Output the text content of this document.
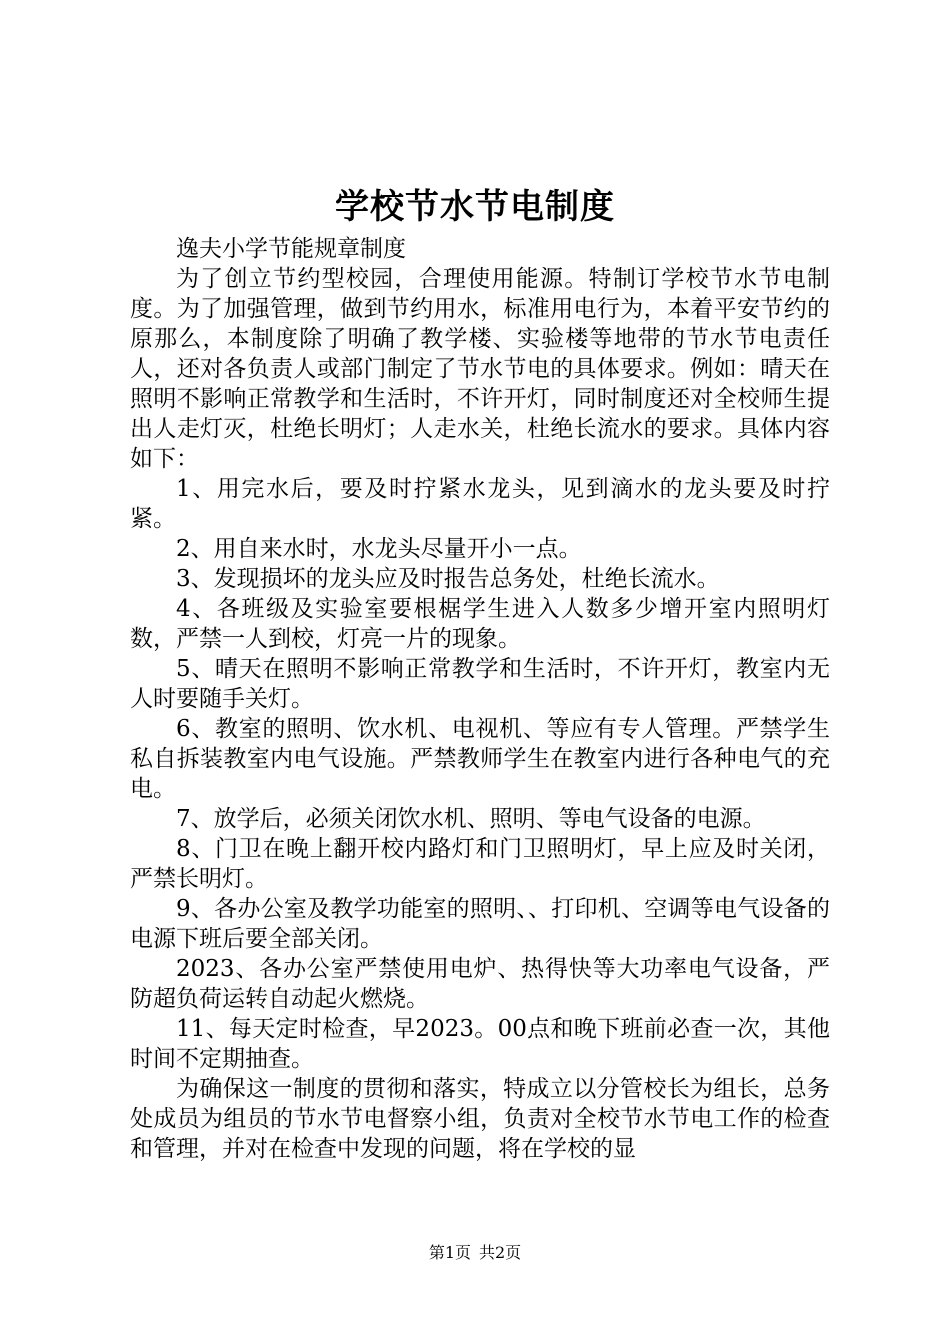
学校节水节电制度

逸夫小学节能规章制度

为了创立节约型校园，合理使用能源。特制订学校节水节电制度。为了加强管理，做到节约用水，标准用电行为，本着平安节约的原那么，本制度除了明确了教学楼、实验楼等地带的节水节电责任人，还对各负责人或部门制定了节水节电的具体要求。例如：晴天在照明不影响正常教学和生活时，不许开灯，同时制度还对全校师生提出人走灯灭，杜绝长明灯；人走水关，杜绝长流水的要求。具体内容如下：

1、用完水后，要及时拧紧水龙头，见到滴水的龙头要及时拧紧。

2、用自来水时，水龙头尽量开小一点。

3、发现损坏的龙头应及时报告总务处，杜绝长流水。

4、各班级及实验室要根椐学生进入人数多少增开室内照明灯数，严禁一人到校，灯亮一片的现象。

5、晴天在照明不影响正常教学和生活时，不许开灯，教室内无人时要随手关灯。

6、教室的照明、饮水机、电视机、等应有专人管理。严禁学生私自拆装教室内电气设施。严禁教师学生在教室内进行各种电气的充电。

7、放学后，必须关闭饮水机、照明、等电气设备的电源。

8、门卫在晚上翻开校内路灯和门卫照明灯，早上应及时关闭，严禁长明灯。

9、各办公室及教学功能室的照明、、打印机、空调等电气设备的电源下班后要全部关闭。

2023、各办公室严禁使用电炉、热得快等大功率电气设备，严防超负荷运转自动起火燃烧。

11、每天定时检查，早2023。00点和晚下班前必查一次，其他时间不定期抽查。

为确保这一制度的贯彻和落实，特成立以分管校长为组长，总务处成员为组员的节水节电督察小组，负责对全校节水节电工作的检查和管理，并对在检查中发现的问题，将在学校的显

第1页 共2页
